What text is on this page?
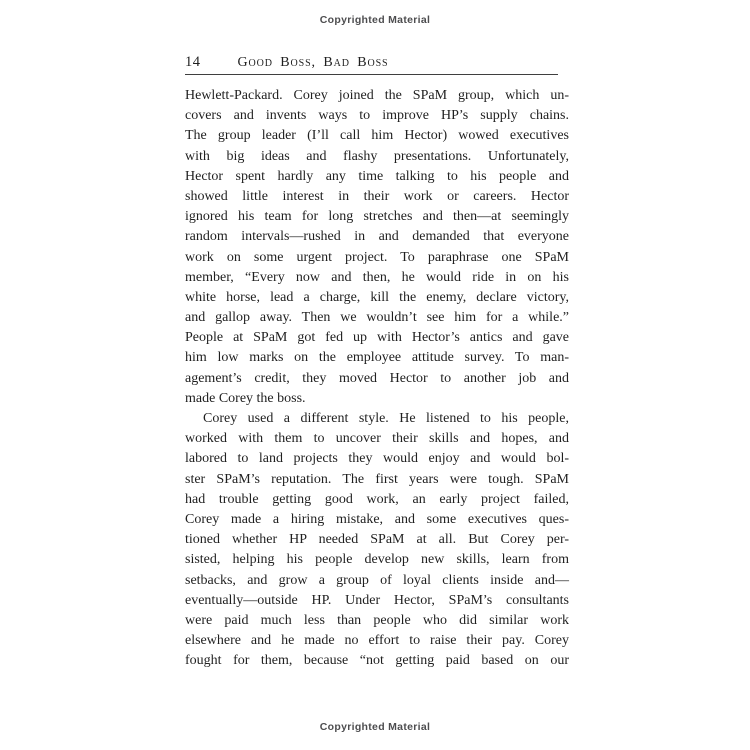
Copyrighted Material
14	Good Boss, Bad Boss
Hewlett-Packard. Corey joined the SPaM group, which un-
covers and invents ways to improve HP’s supply chains.
The group leader (I’ll call him Hector) wowed executives
with big ideas and flashy presentations. Unfortunately,
Hector spent hardly any time talking to his people and
showed little interest in their work or careers. Hector
ignored his team for long stretches and then—at seemingly
random intervals—rushed in and demanded that everyone
work on some urgent project. To paraphrase one SPaM
member, “Every now and then, he would ride in on his
white horse, lead a charge, kill the enemy, declare victory,
and gallop away. Then we wouldn’t see him for a while.”
People at SPaM got fed up with Hector’s antics and gave
him low marks on the employee attitude survey. To man-
agement’s credit, they moved Hector to another job and
made Corey the boss.
Corey used a different style. He listened to his people,
worked with them to uncover their skills and hopes, and
labored to land projects they would enjoy and would bol-
ster SPaM’s reputation. The first years were tough. SPaM
had trouble getting good work, an early project failed,
Corey made a hiring mistake, and some executives ques-
tioned whether HP needed SPaM at all. But Corey per-
sisted, helping his people develop new skills, learn from
setbacks, and grow a group of loyal clients inside and—
eventually—outside HP. Under Hector, SPaM’s consultants
were paid much less than people who did similar work
elsewhere and he made no effort to raise their pay. Corey
fought for them, because “not getting paid based on our
Copyrighted Material
